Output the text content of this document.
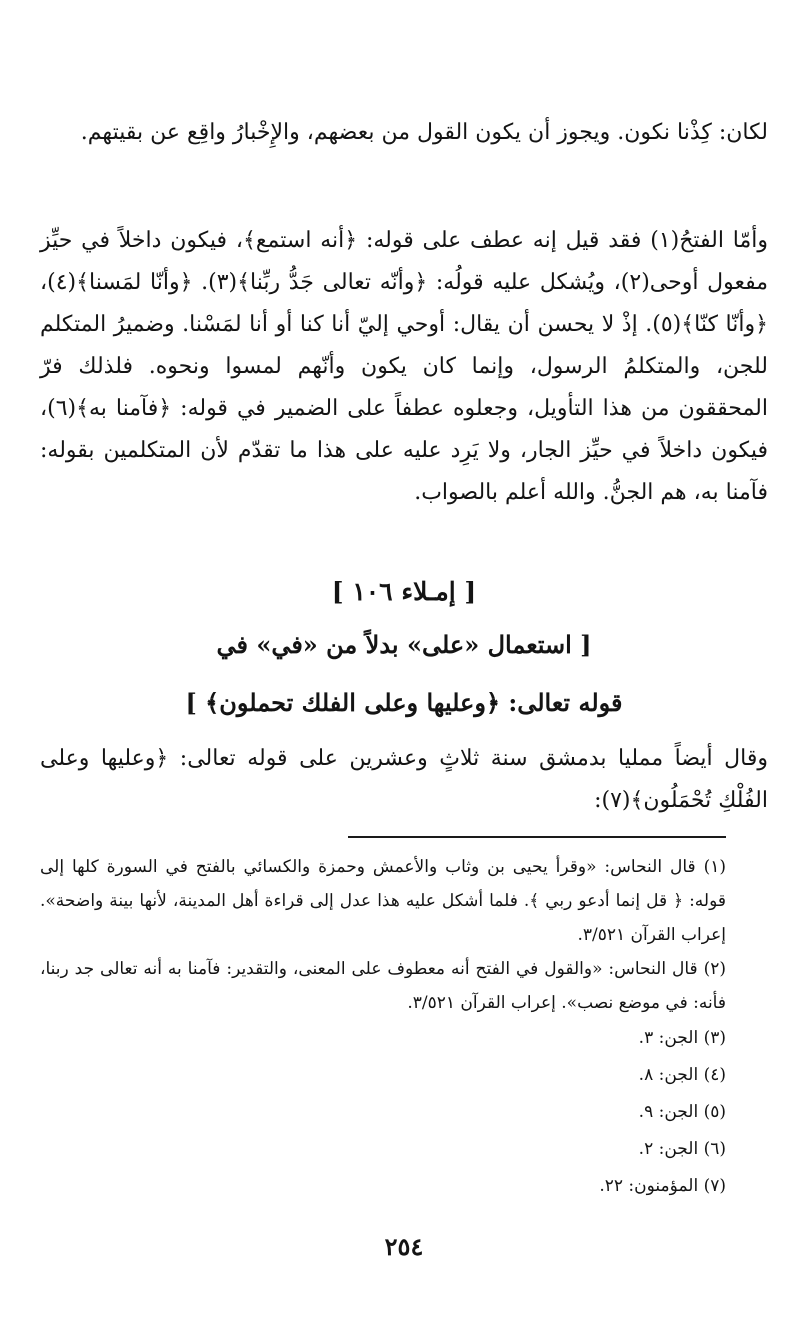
لكان: كِذْنا نكون. ويجوز أن يكون القول من بعضهم، والإِخْبارُ واقِع عن بقيتهم.

وأمّا الفتحُ(١) فقد قيل إنه عطف على قوله: ﴿أنه استمع﴾، فيكون داخلاً في حيِّز مفعول أوحى(٢)، ويُشكل عليه قولُه: ﴿وأنّه تعالى جَدُّ ربِّنا﴾(٣). ﴿وأنّا لمَسنا﴾(٤)، ﴿وأنّا كنّا﴾(٥). إذْ لا يحسن أن يقال: أوحي إليّ أنا كنا أو أنا لمَسْنا. وضميرُ المتكلم للجن، والمتكلمُ الرسول، وإنما كان يكون وأنّهم لمسوا ونحوه. فلذلك فرّ المحققون من هذا التأويل، وجعلوه عطفاً على الضمير في قوله: ﴿فآمنا به﴾(٦)، فيكون داخلاً في حيِّز الجار، ولا يَرِد عليه على هذا ما تقدّم لأن المتكلمين بقوله: فآمنا به، هم الجنُّ. والله أعلم بالصواب.

[ إمـلاء ١٠٦ ]
[ استعمال «على» بدلاً من «في» في
قوله تعالى: ﴿وعليها وعلى الفلك تحملون﴾ ]

وقال أيضاً ممليا بدمشق سنة ثلاثٍ وعشرين على قوله تعالى: ﴿وعليها وعلى الفُلْكِ تُحْمَلُون﴾(٧):

(١) قال النحاس: «وقرأ يحيى بن وثاب والأعمش وحمزة والكسائي بالفتح في السورة كلها إلى قوله: ﴿ قل إنما أدعو ربي ﴾. فلما أشكل عليه هذا عدل إلى قراءة أهل المدينة، لأنها بينة واضحة». إعراب القرآن ٣/٥٢١.

(٢) قال النحاس: «والقول في الفتح أنه معطوف على المعنى، والتقدير: فآمنا به أنه تعالى جد ربنا، فأنه: في موضع نصب». إعراب القرآن ٣/٥٢١.

(٣) الجن: ٣.

(٤) الجن: ٨.

(٥) الجن: ٩.

(٦) الجن: ٢.

(٧) المؤمنون: ٢٢.

٢٥٤
